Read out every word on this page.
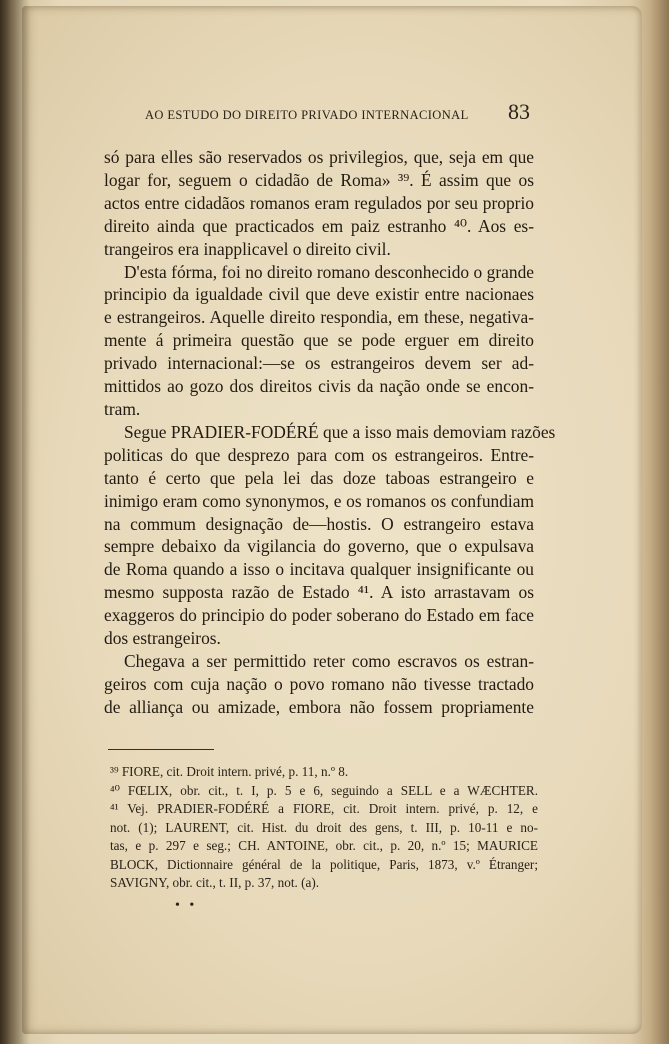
AO ESTUDO DO DIREITO PRIVADO INTERNACIONAL	83
só para elles são reservados os privilegios, que, seja em que
logar for, seguem o cidadão de Roma» ³⁹. É assim que os
actos entre cidadãos romanos eram regulados por seu proprio
direito ainda que practicados em paiz estranho ⁴⁰. Aos es-
trangeiros era inapplicavel o direito civil.
D'esta fórma, foi no direito romano desconhecido o grande
principio da igualdade civil que deve existir entre nacionaes
e estrangeiros. Aquelle direito respondia, em these, negativa-
mente á primeira questão que se pode erguer em direito
privado internacional:—se os estrangeiros devem ser ad-
mittidos ao gozo dos direitos civis da nação onde se encon-
tram.
Segue PRADIER-FODÉRÉ que a isso mais demoviam razões
politicas do que desprezo para com os estrangeiros. Entre-
tanto é certo que pela lei das doze taboas estrangeiro e
inimigo eram como synonymos, e os romanos os confundiam
na commum designação de—hostis. O estrangeiro estava
sempre debaixo da vigilancia do governo, que o expulsava
de Roma quando a isso o incitava qualquer insignificante ou
mesmo supposta razão de Estado ⁴¹. A isto arrastavam os
exaggeros do principio do poder soberano do Estado em face
dos estrangeiros.
Chegava a ser permittido reter como escravos os estran-
geiros com cuja nação o povo romano não tivesse tractado
de alliança ou amizade, embora não fossem propriamente
³⁹ FIORE, cit. Droit intern. privé, p. 11, n.º 8.
⁴⁰ FŒLIX, obr. cit., t. I, p. 5 e 6, seguindo a SELL e a WÆCHTER.
⁴¹ Vej. PRADIER-FODÉRÉ a FIORE, cit. Droit intern. privé, p. 12, e
not. (1); LAURENT, cit. Hist. du droit des gens, t. III, p. 10-11 e no-
tas, e p. 297 e seg.; CH. ANTOINE, obr. cit., p. 20, n.º 15; MAURICE
BLOCK, Dictionnaire général de la politique, Paris, 1873, v.º Étranger;
SAVIGNY, obr. cit., t. II, p. 37, not. (a).
• •
